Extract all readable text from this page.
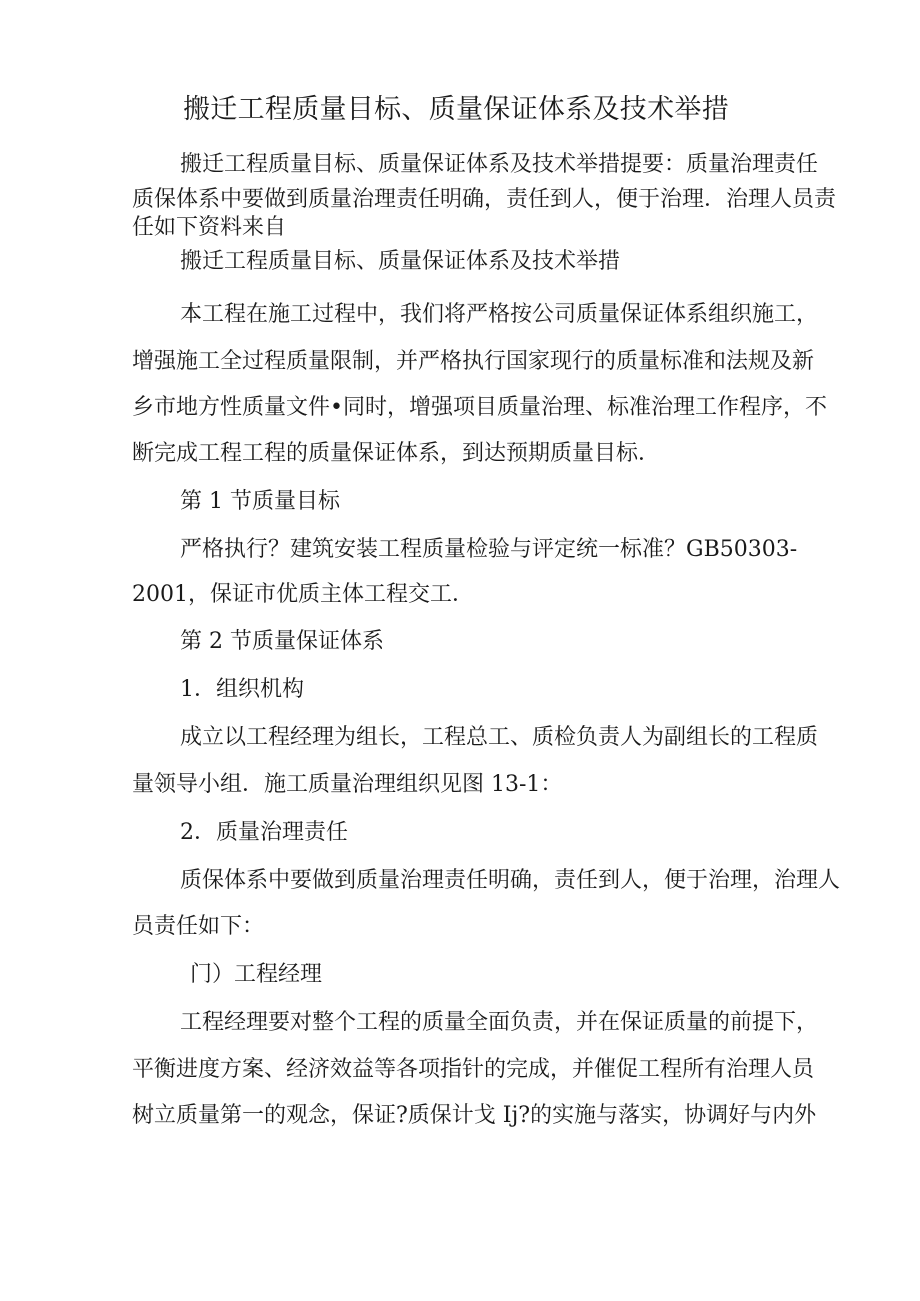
搬迁工程质量目标、质量保证体系及技术举措
搬迁工程质量目标、质量保证体系及技术举措提要：质量治理责任
质保体系中要做到质量治理责任明确，责任到人，便于治理．治理人员责
任如下资料来自
搬迁工程质量目标、质量保证体系及技术举措
本工程在施工过程中，我们将严格按公司质量保证体系组织施工，
增强施工全过程质量限制，并严格执行国家现行的质量标准和法规及新
乡市地方性质量文件•同时，增强项目质量治理、标准治理工作程序，不
断完成工程工程的质量保证体系，到达预期质量目标．
第 1 节质量目标
严格执行？建筑安装工程质量检验与评定统一标准？GB50303-
2001，保证市优质主体工程交工．
第 2 节质量保证体系
1．组织机构
成立以工程经理为组长，工程总工、质检负责人为副组长的工程质
量领导小组．施工质量治理组织见图 13-1：
2．质量治理责任
质保体系中要做到质量治理责任明确，责任到人，便于治理，治理人
员责任如下：
门）工程经理
工程经理要对整个工程的质量全面负责，并在保证质量的前提下，
平衡进度方案、经济效益等各项指针的完成，并催促工程所有治理人员
树立质量第一的观念，保证?质保计戈 Ij?的实施与落实，协调好与内外
